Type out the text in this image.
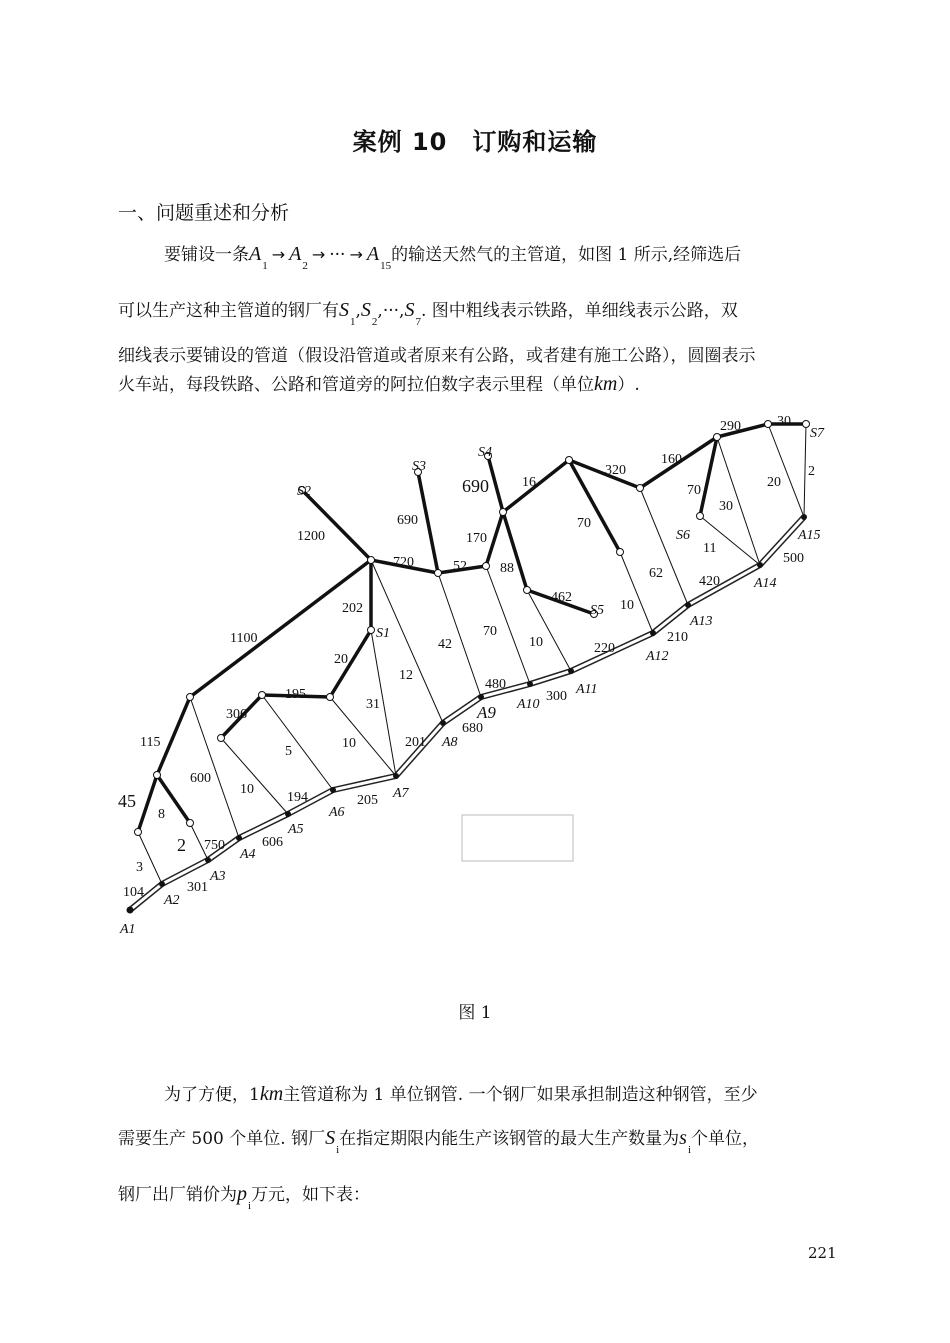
案例 10　订购和运输
一、问题重述和分析
要铺设一条$A_1\to A_2\to$ ··· → $A_{15}$的输送天然气的主管道，如图 1 所示,经筛选后
可以生产这种主管道的钢厂有$S_1,S_2,\cdot\cdot\cdot,S_7$. 图中粗线表示铁路，单细线表示公路，双
细线表示要铺设的管道（假设沿管道或者原来有公路，或者建有施工公路），圆圈表示
火车站，每段铁路、公路和管道旁的阿拉伯数字表示里程（单位km）.
S1
S2
S3
S4
S5
S6
S7
A1
A2
A3
A4
A5
A6
A7
A8
A9 A10
A11
A12
A13
A14
A15
290	30
2
20
160
70
30
11
500
420
320
16
690
690
170
70
62
10
210
1200
720	52 88
462
220
202
42
70
10
1100
20
12
480
300
195
306
31
680
115
5
10	201
600
45
8
10
194	205
2 750	606
3
104	301
图 1
为了方便，1km主管道称为 1 单位钢管. 一个钢厂如果承担制造这种钢管，至少
需要生产 500 个单位. 钢厂$S_i$在指定期限内能生产该钢管的最大生产数量为$s_i$个单位，
钢厂出厂销价为$p_i$万元，如下表：
221
